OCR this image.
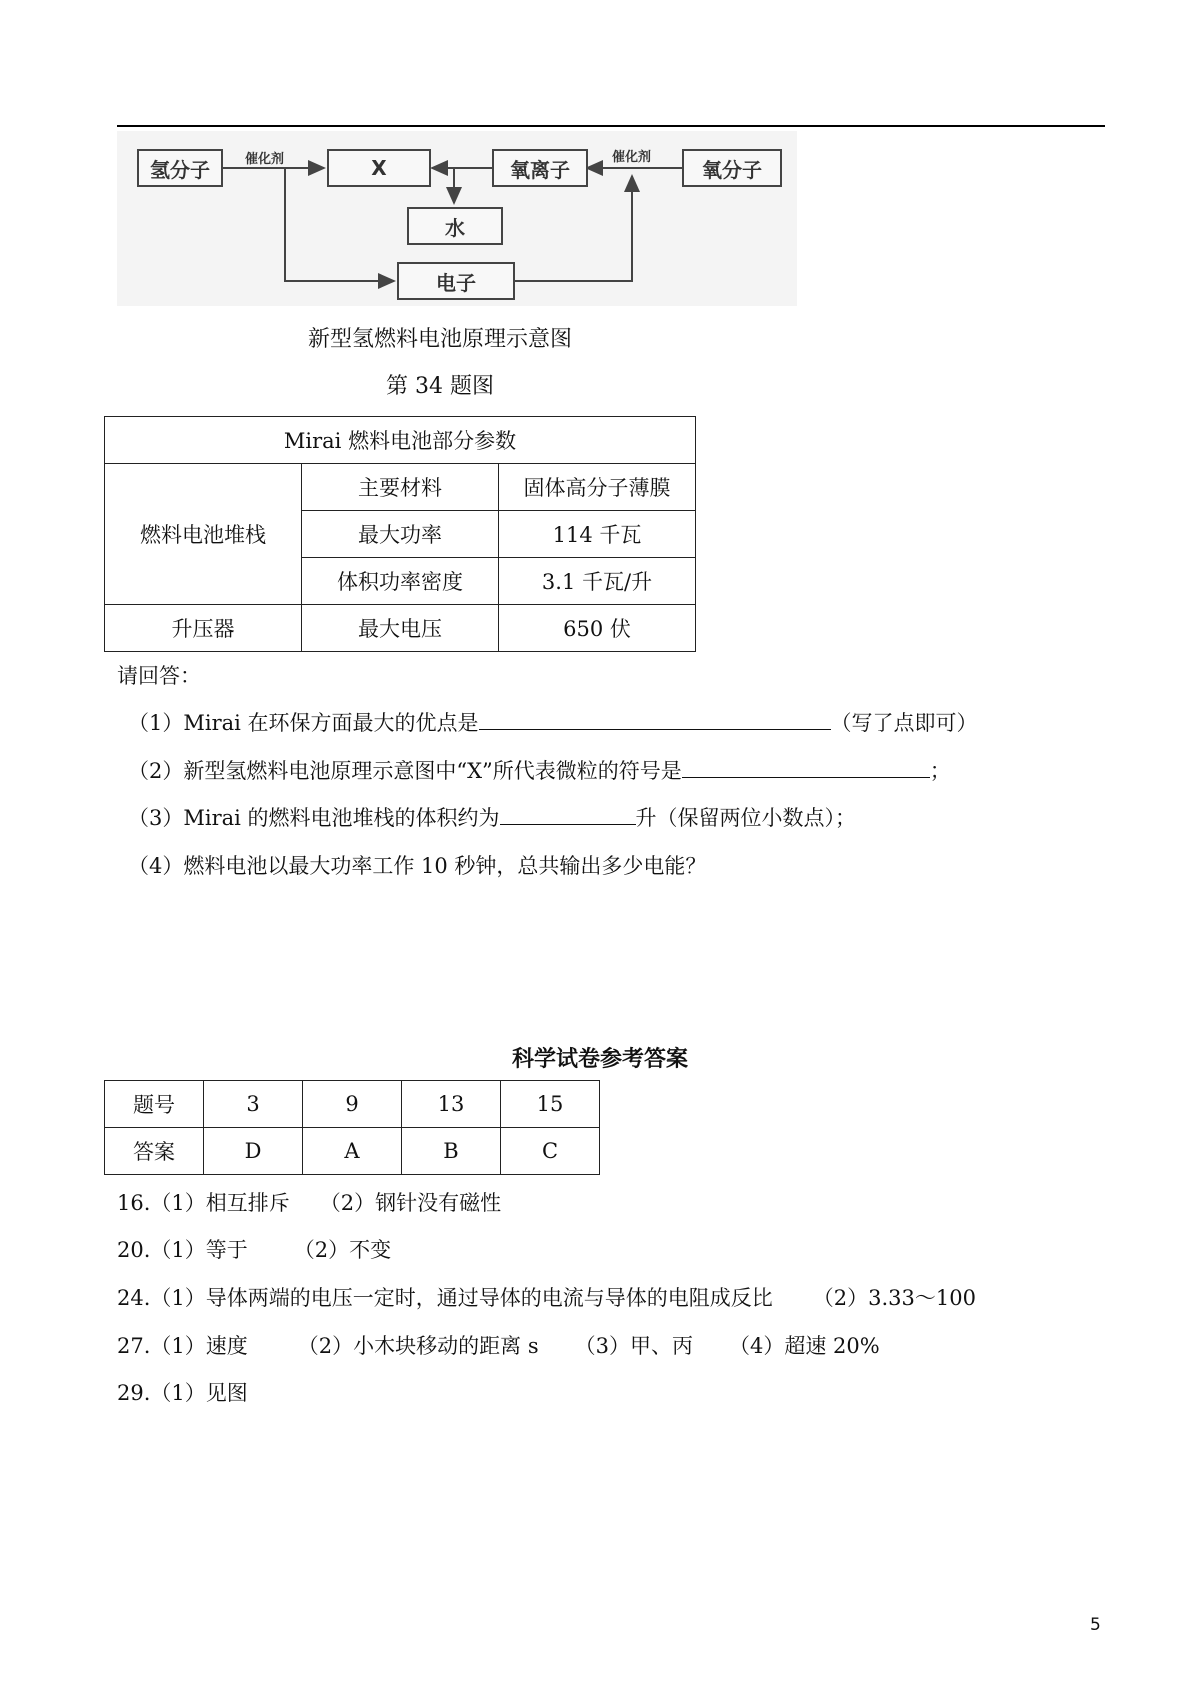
氢分子	催化剂	X	氧离子	催化剂	氧分子
水
电子
新型氢燃料电池原理示意图
第 34 题图
Mirai 燃料电池部分参数		
燃料电池堆栈	主要材料	固体高分子薄膜
	最大功率	114 千瓦
	体积功率密度	3.1 千瓦/升
升压器	最大电压	650 伏
请回答：
（1）Mirai 在环保方面最大的优点是	（写了点即可）
（2）新型氢燃料电池原理示意图中“X”所代表微粒的符号是	；
（3）Mirai 的燃料电池堆栈的体积约为	升（保留两位小数点）；
（4）燃料电池以最大功率工作 10 秒钟，总共输出多少电能？
科学试卷参考答案
题号	3	9	13	15
答案	D	A	B	C
16.（1）相互排斥 （2）钢针没有磁性
20.（1）等于 （2）不变
24.（1）导体两端的电压一定时，通过导体的电流与导体的电阻成反比 （2）3.33～100
27.（1）速度 （2）小木块移动的距离 s （3）甲、丙 （4）超速 20%
29.（1）见图
5
